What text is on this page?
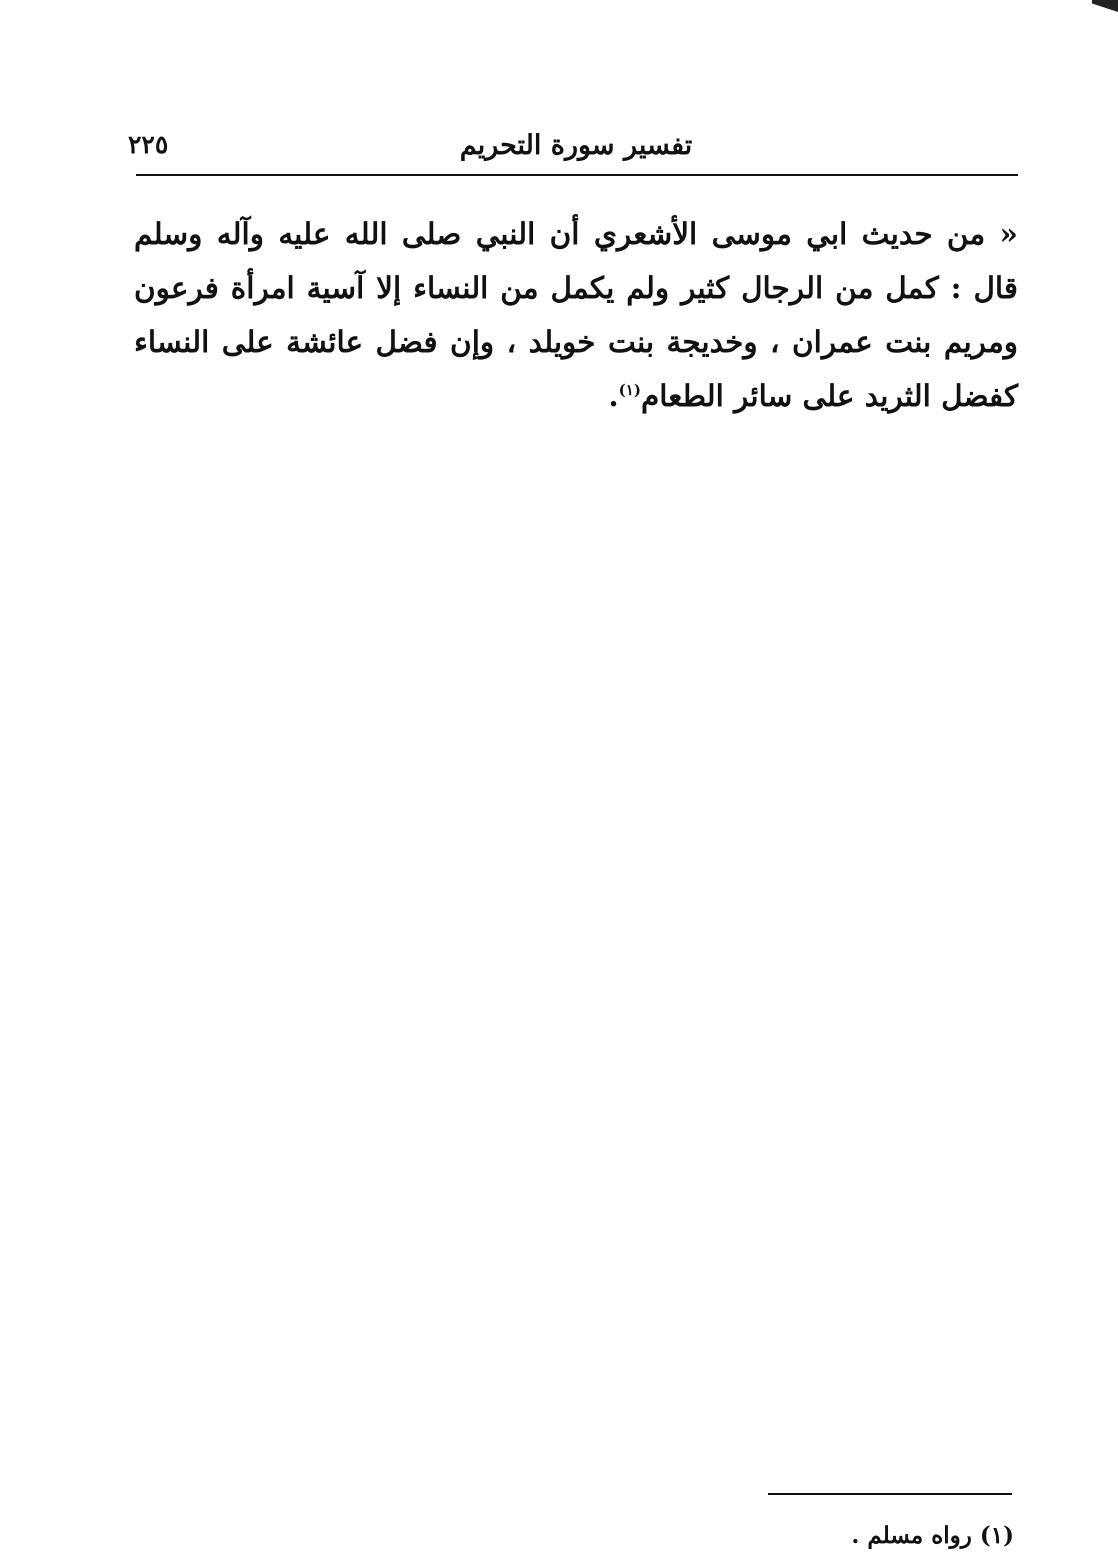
تفسير سورة التحريم
٢٢٥

« من حديث ابي موسى الأشعري أن النبي صلى الله عليه وآله وسلم قال : كمل من الرجال كثير ولم يكمل من النساء إلا آسية امرأة فرعون ومريم بنت عمران ، وخديجة بنت خويلد ، وإن فضل عائشة على النساء كفضل الثريد على سائر الطعام$^{(١)}$.

(١) رواه مسلم .
